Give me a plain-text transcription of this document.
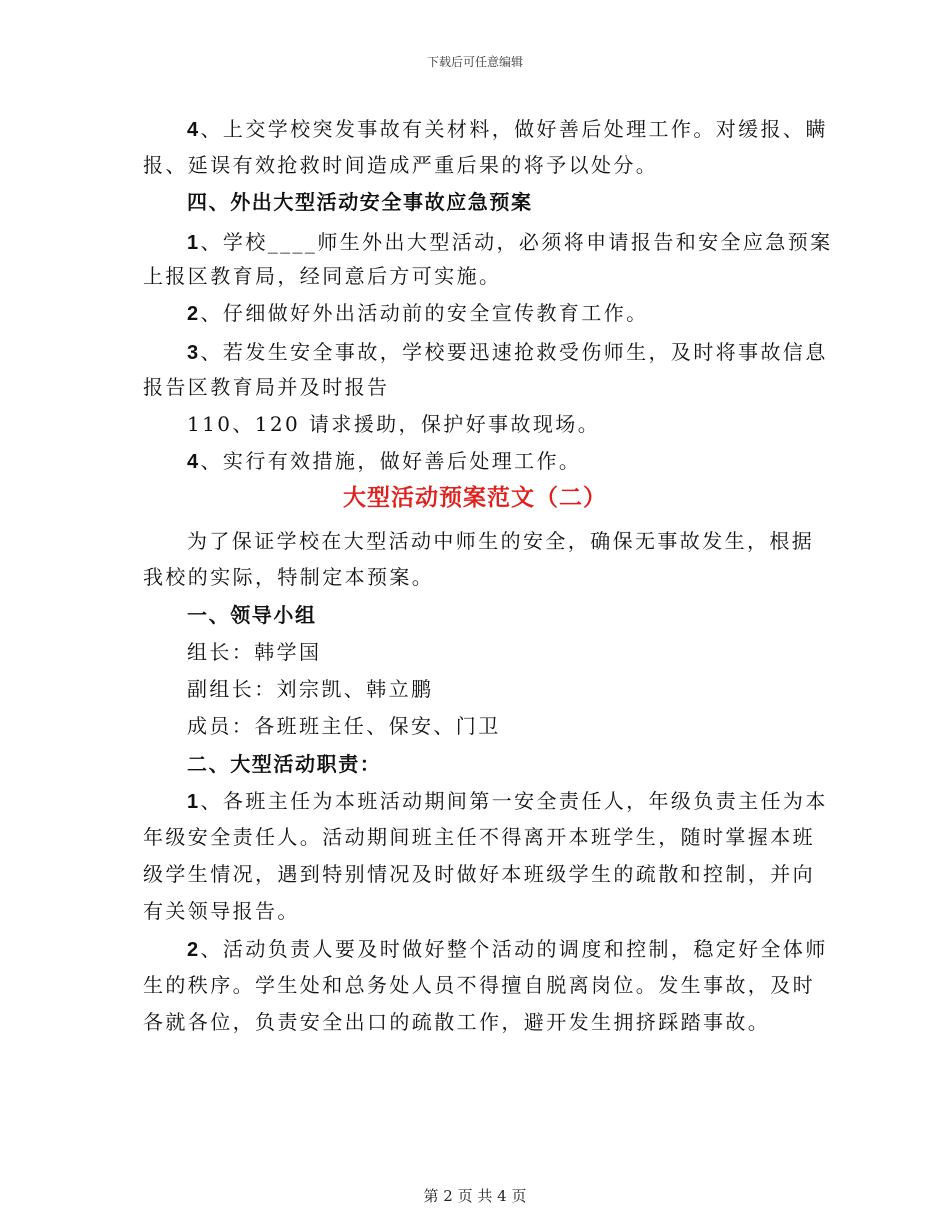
下载后可任意编辑
4、上交学校突发事故有关材料，做好善后处理工作。对缓报、瞒
报、延误有效抢救时间造成严重后果的将予以处分。
四、外出大型活动安全事故应急预案
1、学校____师生外出大型活动，必须将申请报告和安全应急预案
上报区教育局，经同意后方可实施。
2、仔细做好外出活动前的安全宣传教育工作。
3、若发生安全事故，学校要迅速抢救受伤师生，及时将事故信息
报告区教育局并及时报告
110、120 请求援助，保护好事故现场。
4、实行有效措施，做好善后处理工作。
大型活动预案范文（二）
为了保证学校在大型活动中师生的安全，确保无事故发生，根据
我校的实际，特制定本预案。
一、领导小组
组长：韩学国
副组长：刘宗凯、韩立鹏
成员：各班班主任、保安、门卫
二、大型活动职责：
1、各班主任为本班活动期间第一安全责任人，年级负责主任为本
年级安全责任人。活动期间班主任不得离开本班学生，随时掌握本班
级学生情况，遇到特别情况及时做好本班级学生的疏散和控制，并向
有关领导报告。
2、活动负责人要及时做好整个活动的调度和控制，稳定好全体师
生的秩序。学生处和总务处人员不得擅自脱离岗位。发生事故，及时
各就各位，负责安全出口的疏散工作，避开发生拥挤踩踏事故。
第 2 页 共 4 页
